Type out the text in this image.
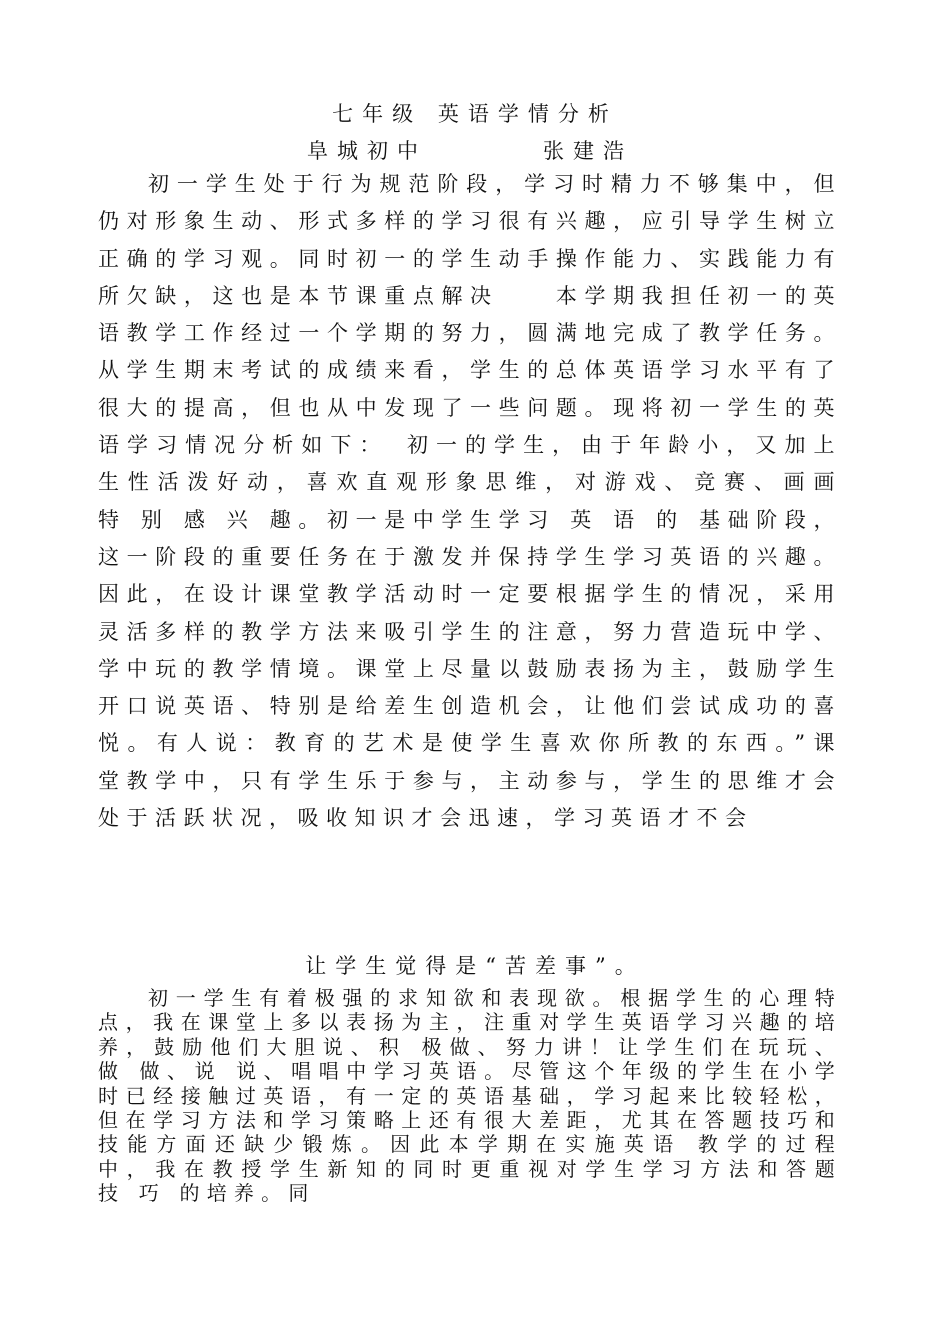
七年级 英语学情分析
阜城初中	张建浩

初一学生处于行为规范阶段，学习时精力不够集中，但仍对形象生动、形式多样的学习很有兴趣，应引导学生树立正确的学习观。同时初一的学生动手操作能力、实践能力有所欠缺，这也是本节课重点解决　　本学期我担任初一的英语教学工作经过一个学期的努力，圆满地完成了教学任务。从学生期末考试的成绩来看，学生的总体英语学习水平有了很大的提高，但也从中发现了一些问题。现将初一学生的英语学习情况分析如下：　初一的学生，由于年龄小，又加上生性活泼好动，喜欢直观形象思维，对游戏、竞赛、画画 特 别 感 兴 趣。初一是中学生学习 英 语 的 基础阶段，这一阶段的重要任务在于激发并保持学生学习英语的兴趣。因此，在设计课堂教学活动时一定要根据学生的情况，采用灵活多样的教学方法来吸引学生的注意，努力营造玩中学、学中玩的教学情境。课堂上尽量以鼓励表扬为主，鼓励学生开口说英语、特别是给差生创造机会，让他们尝试成功的喜悦。有人说：教育的艺术是使学生喜欢你所教的东西。”课堂教学中，只有学生乐于参与，主动参与，学生的思维才会处于活跃状况，吸收知识才会迅速，学习英语才不会

让学生觉得是“苦差事”。

初一学生有着极强的求知欲和表现欲。根据学生的心理特点，我在课堂上多以表扬为主，注重对学生英语学习兴趣的培养，鼓励他们大胆说、积 极做、努力讲！让学生们在玩玩、做 做、说 说、唱唱中学习英语。尽管这个年级的学生在小学时已经接触过英语，有一定的英语基础，学习起来比较轻松，但在学习方法和学习策略上还有很大差距，尤其在答题技巧和技能方面还缺少锻炼。因此本学期在实施英语 教学的过程中，我在教授学生新知的同时更重视对学生学习方法和答题 技 巧 的培养。同
